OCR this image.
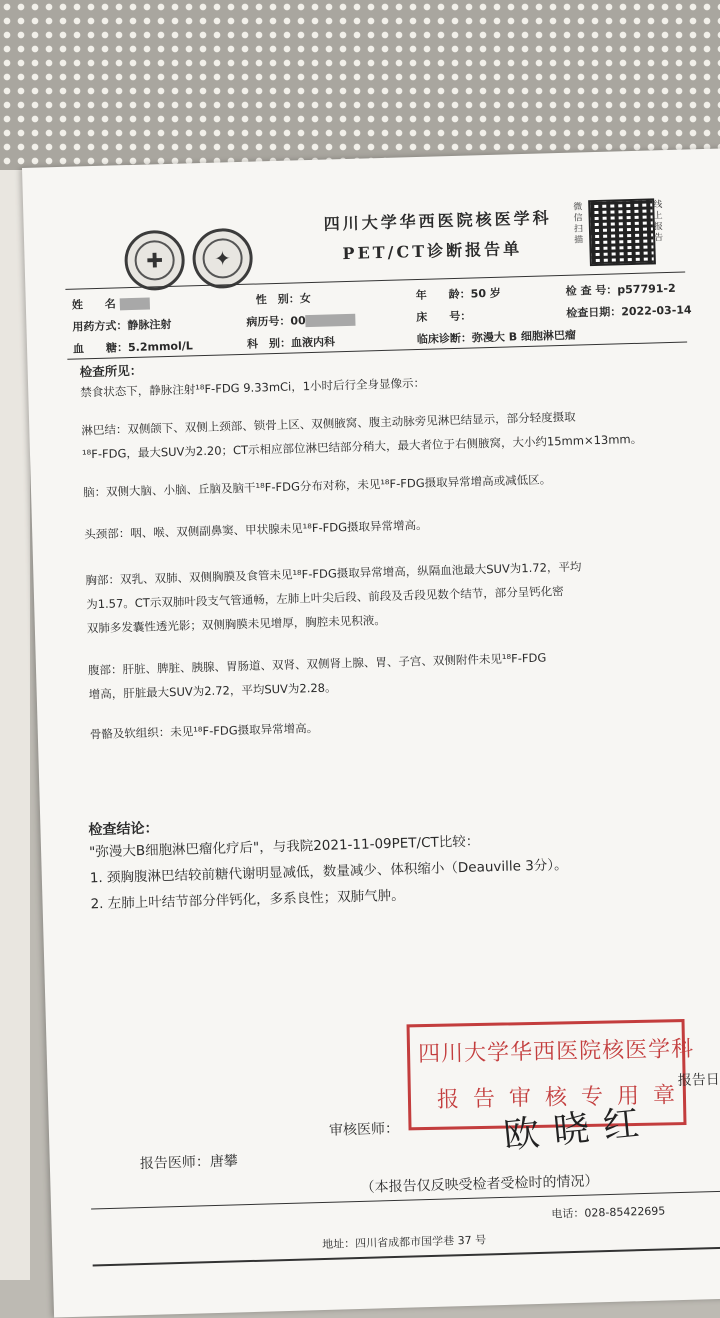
✚	✦
四川大学华西医院核医学科
PET/CT诊断报告单
微信扫描
线上报告
姓　　名	性　别：女	年　　龄：50 岁	检 查 号：p57791-2
用药方式：静脉注射	病历号：00	床　　号：	检查日期：2022-03-14
血　　糖：5.2mmol/L	科　别：血液内科	临床诊断：弥漫大 B 细胞淋巴瘤
检查所见：
禁食状态下，静脉注射¹⁸F-FDG 9.33mCi，1小时后行全身显像示：
淋巴结：双侧颌下、双侧上颈部、锁骨上区、双侧腋窝、腹主动脉旁见淋巴结显示，部分轻度摄取
¹⁸F-FDG，最大SUV为2.20；CT示相应部位淋巴结部分稍大，最大者位于右侧腋窝，大小约15mm×13mm。
脑：双侧大脑、小脑、丘脑及脑干¹⁸F-FDG分布对称，未见¹⁸F-FDG摄取异常增高或减低区。
头颈部：咽、喉、双侧副鼻窦、甲状腺未见¹⁸F-FDG摄取异常增高。
胸部：双乳、双肺、双侧胸膜及食管未见¹⁸F-FDG摄取异常增高，纵隔血池最大SUV为1.72，平均
为1.57。CT示双肺叶段支气管通畅，左肺上叶尖后段、前段及舌段见数个结节，部分呈钙化密
双肺多发囊性透光影；双侧胸膜未见增厚，胸腔未见积液。
腹部：肝脏、脾脏、胰腺、胃肠道、双肾、双侧肾上腺、胃、子宫、双侧附件未见¹⁸F-FDG
增高，肝脏最大SUV为2.72，平均SUV为2.28。
骨骼及软组织：未见¹⁸F-FDG摄取异常增高。
检查结论：
"弥漫大B细胞淋巴瘤化疗后"，与我院2021-11-09PET/CT比较：
1. 颈胸腹淋巴结较前糖代谢明显减低，数量减少、体积缩小（Deauville 3分）。
2. 左肺上叶结节部分伴钙化，多系良性；双肺气肿。
四川大学华西医院核医学科
报告审核专用章
欧晓红
报告日
审核医师：
报告医师：唐攀
（本报告仅反映受检者受检时的情况）
电话：028-85422695
地址：四川省成都市国学巷 37 号
